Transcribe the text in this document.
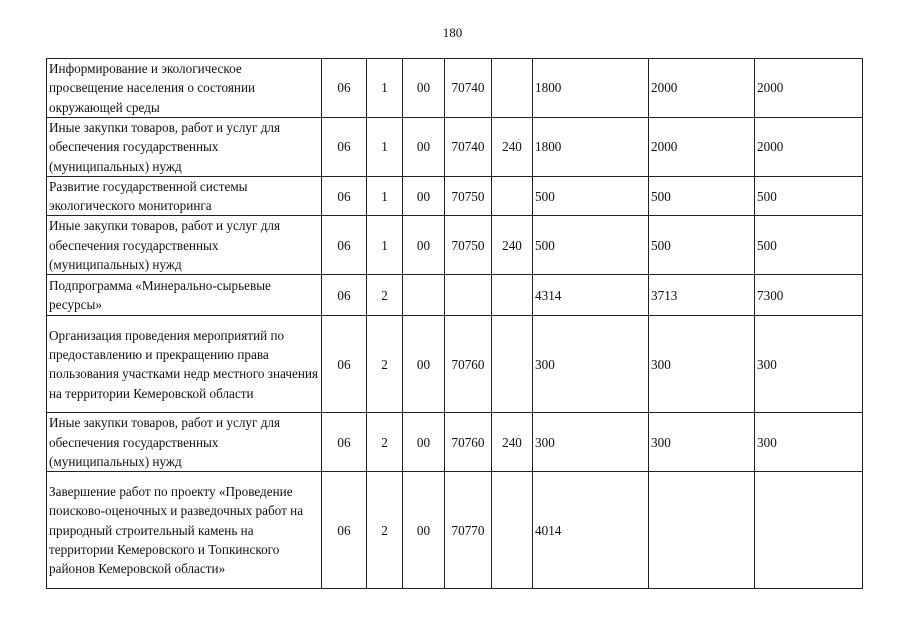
180
Информирование и экологическое просвещение населения о состоянии окружающей среды	06	1	00	70740		1800	2000	2000
Иные закупки товаров, работ и услуг для обеспечения государственных (муниципальных) нужд	06	1	00	70740	240	1800	2000	2000
Развитие государственной системы экологического мониторинга	06	1	00	70750		500	500	500
Иные закупки товаров, работ и услуг для обеспечения государственных (муниципальных) нужд	06	1	00	70750	240	500	500	500
Подпрограмма «Минерально-сырьевые ресурсы»	06	2				4314	3713	7300
Организация проведения мероприятий по предоставлению и прекращению права пользования участками недр местного значения на территории Кемеровской области	06	2	00	70760		300	300	300
Иные закупки товаров, работ и услуг для обеспечения государственных (муниципальных) нужд	06	2	00	70760	240	300	300	300
Завершение работ по проекту «Проведение поисково-оценочных и разведочных работ на природный строительный камень на территории Кемеровского и Топкинского районов Кемеровской области»	06	2	00	70770		4014		
